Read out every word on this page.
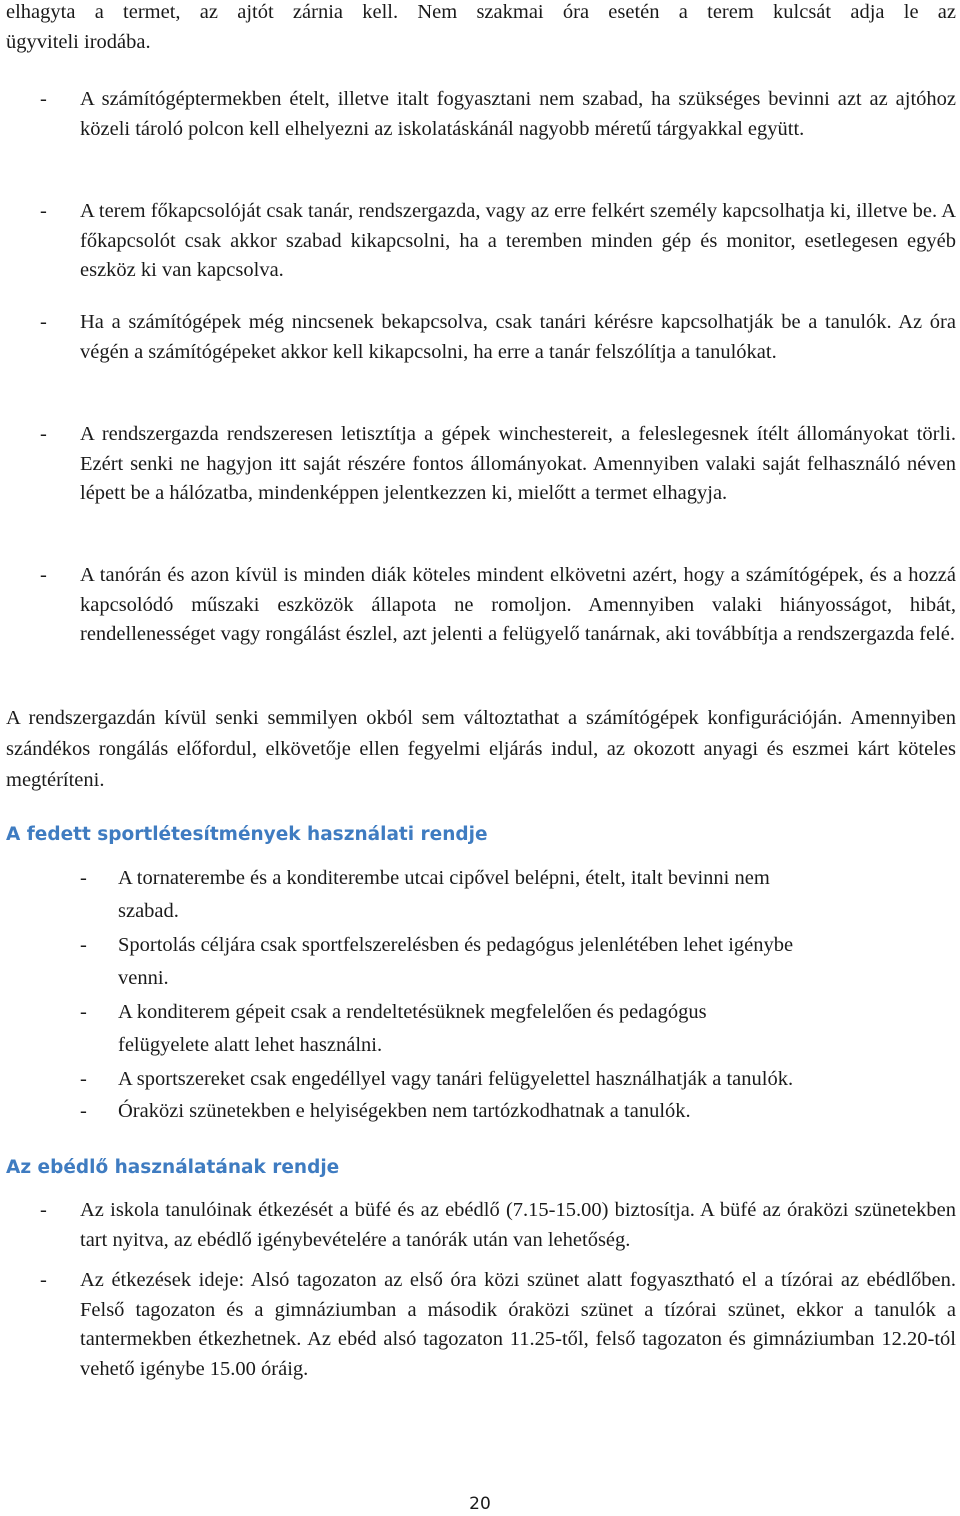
elhagyta a termet, az ajtót zárnia kell. Nem szakmai óra esetén a terem kulcsát adja le az
ügyviteli irodába.

- A számítógéptermekben ételt, illetve italt fogyasztani nem szabad, ha szükséges bevinni azt az ajtóhoz közeli tároló polcon kell elhelyezni az iskolatáskánál nagyobb méretű tárgyakkal együtt.
- A terem főkapcsolóját csak tanár, rendszergazda, vagy az erre felkért személy kapcsolhatja ki, illetve be. A főkapcsolót csak akkor szabad kikapcsolni, ha a teremben minden gép és monitor, esetlegesen egyéb eszköz ki van kapcsolva.
- Ha a számítógépek még nincsenek bekapcsolva, csak tanári kérésre kapcsolhatják be a tanulók. Az óra végén a számítógépeket akkor kell kikapcsolni, ha erre a tanár felszólítja a tanulókat.
- A rendszergazda rendszeresen letisztítja a gépek winchestereit, a feleslegesnek ítélt állományokat törli. Ezért senki ne hagyjon itt saját részére fontos állományokat. Amennyiben valaki saját felhasználó néven lépett be a hálózatba, mindenképpen jelentkezzen ki, mielőtt a termet elhagyja.
- A tanórán és azon kívül is minden diák köteles mindent elkövetni azért, hogy a számítógépek, és a hozzá kapcsolódó műszaki eszközök állapota ne romoljon. Amennyiben valaki hiányosságot, hibát, rendellenességet vagy rongálást észlel, azt jelenti a felügyelő tanárnak, aki továbbítja a rendszergazda felé.

A rendszergazdán kívül senki semmilyen okból sem változtathat a számítógépek konfigurációján. Amennyiben szándékos rongálás előfordul, elkövetője ellen fegyelmi eljárás indul, az okozott anyagi és eszmei kárt köteles megtéríteni.

A fedett sportlétesítmények használati rendje
- A tornaterembe és a konditerembe utcai cipővel belépni, ételt, italt bevinni nem
szabad.
- Sportolás céljára csak sportfelszerelésben és pedagógus jelenlétében lehet igénybe
venni.
- A konditerem gépeit csak a rendeltetésüknek megfelelően és pedagógus
felügyelete alatt lehet használni.
- A sportszereket csak engedéllyel vagy tanári felügyelettel használhatják a tanulók.
- Óraközi szünetekben e helyiségekben nem tartózkodhatnak a tanulók.
Az ebédlő használatának rendje
- Az iskola tanulóinak étkezését a büfé és az ebédlő (7.15-15.00) biztosítja. A büfé az óraközi szünetekben tart nyitva, az ebédlő igénybevételére a tanórák után van lehetőség.
- Az étkezések ideje: Alsó tagozaton az első óra közi szünet alatt fogyasztható el a tízórai az ebédlőben. Felső tagozaton és a gimnáziumban a második óraközi szünet a tízórai szünet, ekkor a tanulók a tantermekben étkezhetnek. Az ebéd alsó tagozaton 11.25-től, felső tagozaton és gimnáziumban 12.20-tól vehető igénybe 15.00 óráig.
20
